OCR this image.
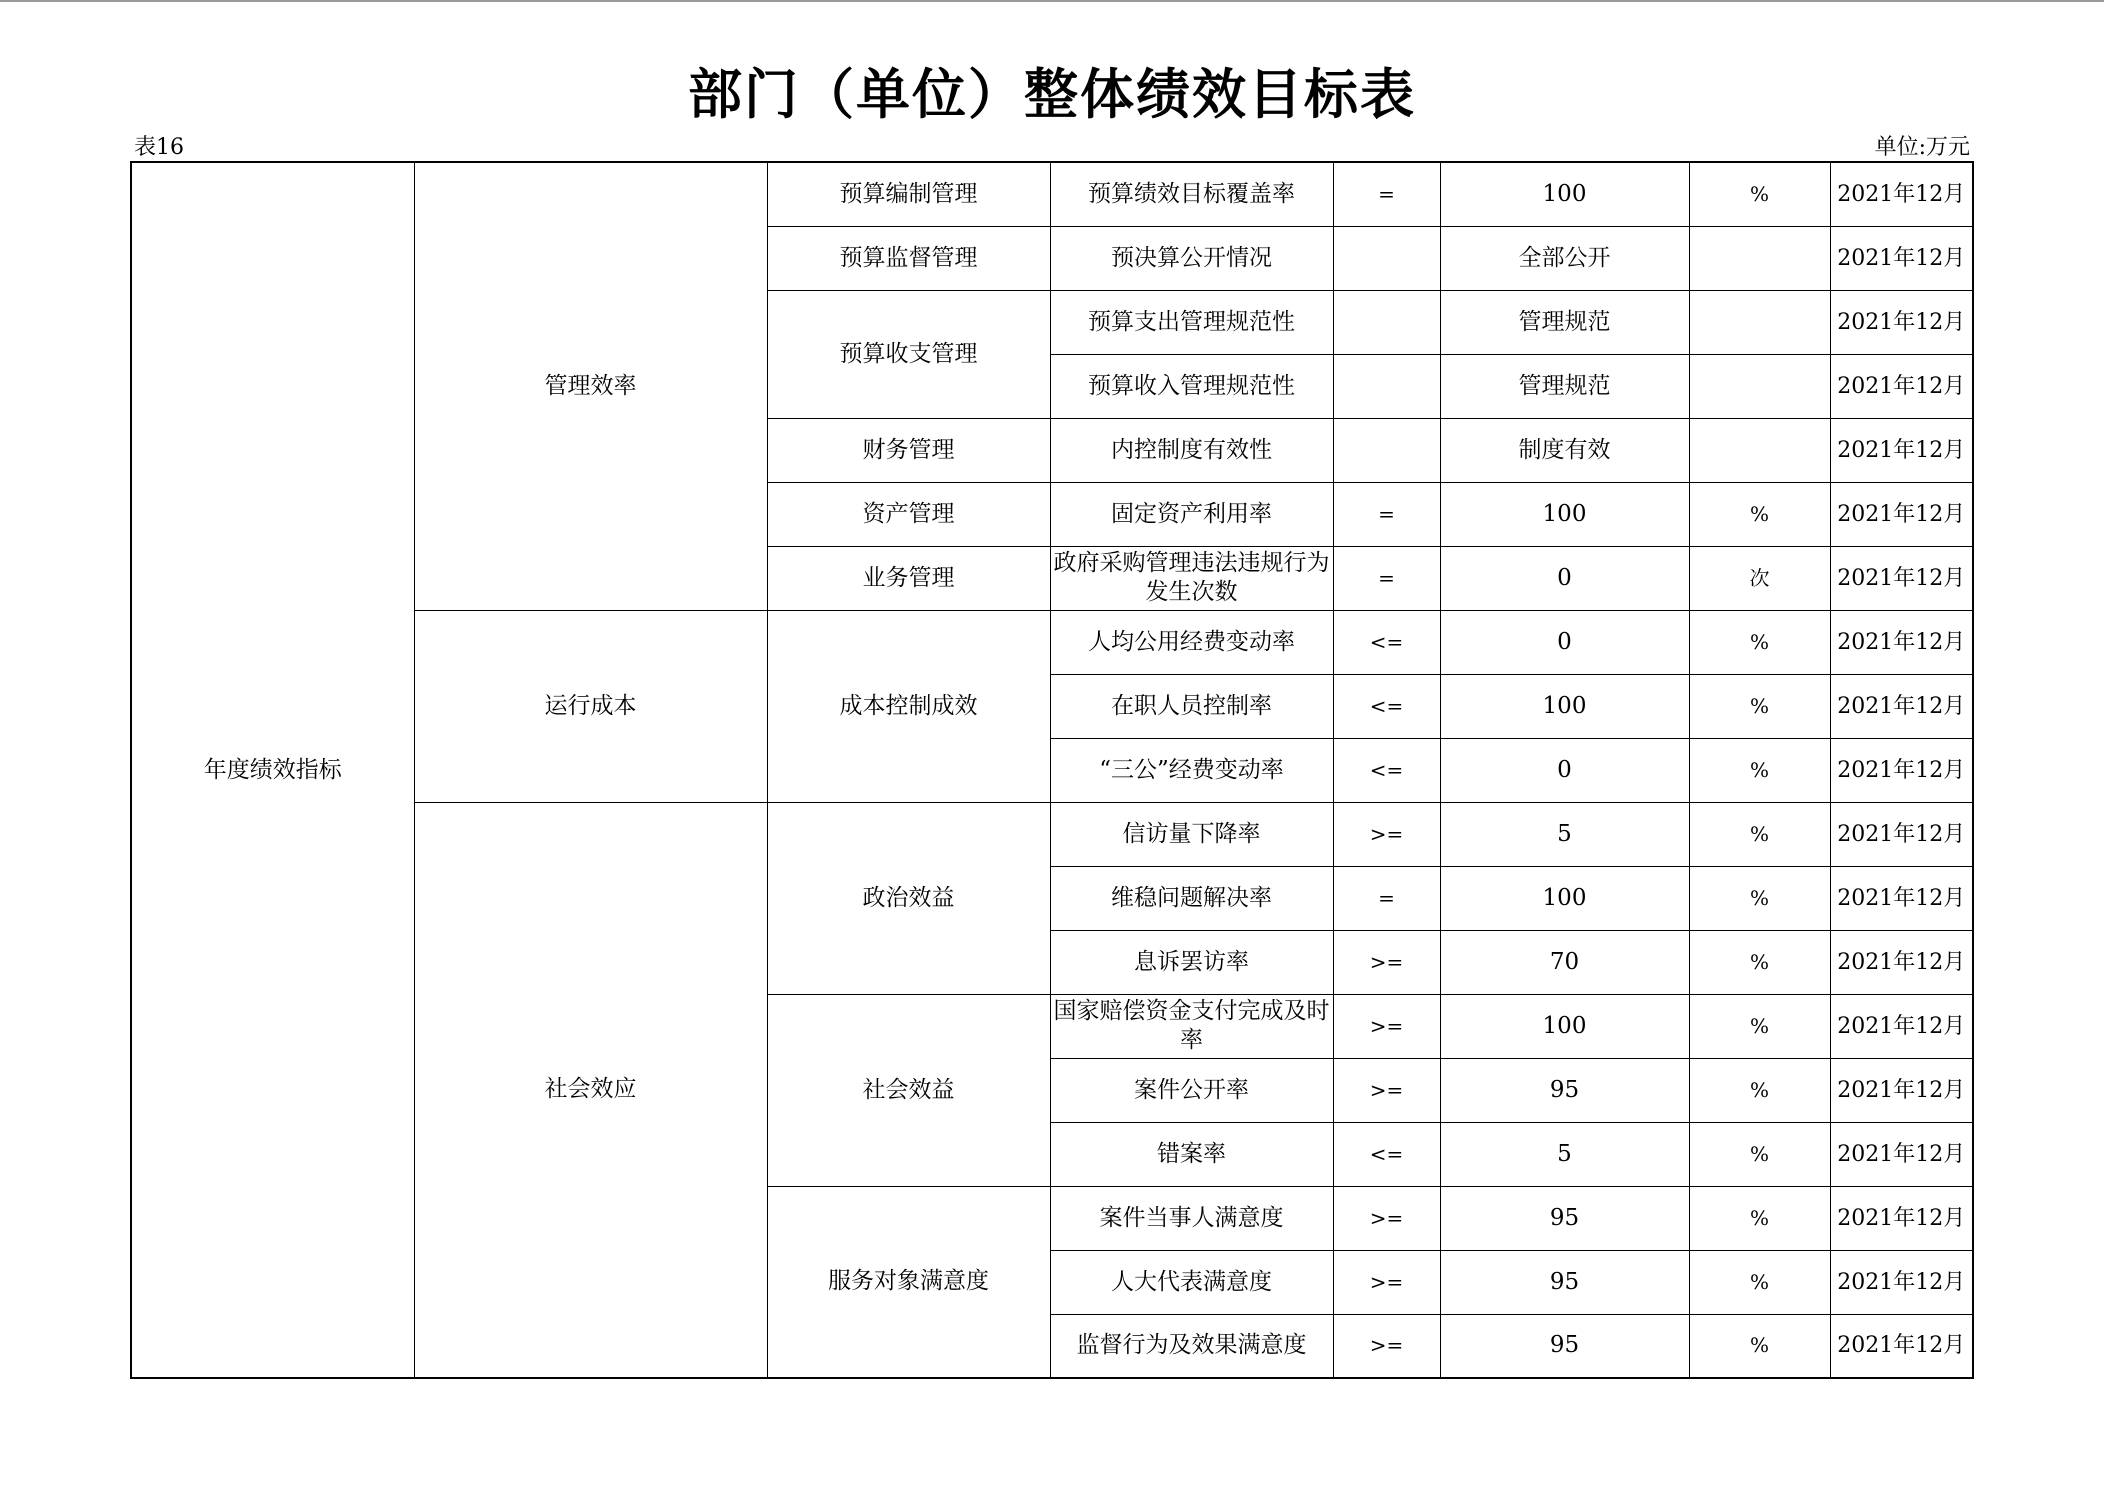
部门（单位）整体绩效目标表
表16	单位:万元
年度绩效指标	管理效率	预算编制管理	预算绩效目标覆盖率	=	100	%	2021年12月
		预算监督管理	预决算公开情况		全部公开		2021年12月
		预算收支管理	预算支出管理规范性		管理规范		2021年12月
			预算收入管理规范性		管理规范		2021年12月
		财务管理	内控制度有效性		制度有效		2021年12月
		资产管理	固定资产利用率	=	100	%	2021年12月
		业务管理	政府采购管理违法违规行为发生次数	=	0	次	2021年12月
	运行成本	成本控制成效	人均公用经费变动率	<=	0	%	2021年12月
			在职人员控制率	<=	100	%	2021年12月
			“三公”经费变动率	<=	0	%	2021年12月
	社会效应	政治效益	信访量下降率	>=	5	%	2021年12月
			维稳问题解决率	=	100	%	2021年12月
			息诉罢访率	>=	70	%	2021年12月
		社会效益	国家赔偿资金支付完成及时率	>=	100	%	2021年12月
			案件公开率	>=	95	%	2021年12月
			错案率	<=	5	%	2021年12月
		服务对象满意度	案件当事人满意度	>=	95	%	2021年12月
			人大代表满意度	>=	95	%	2021年12月
			监督行为及效果满意度	>=	95	%	2021年12月
